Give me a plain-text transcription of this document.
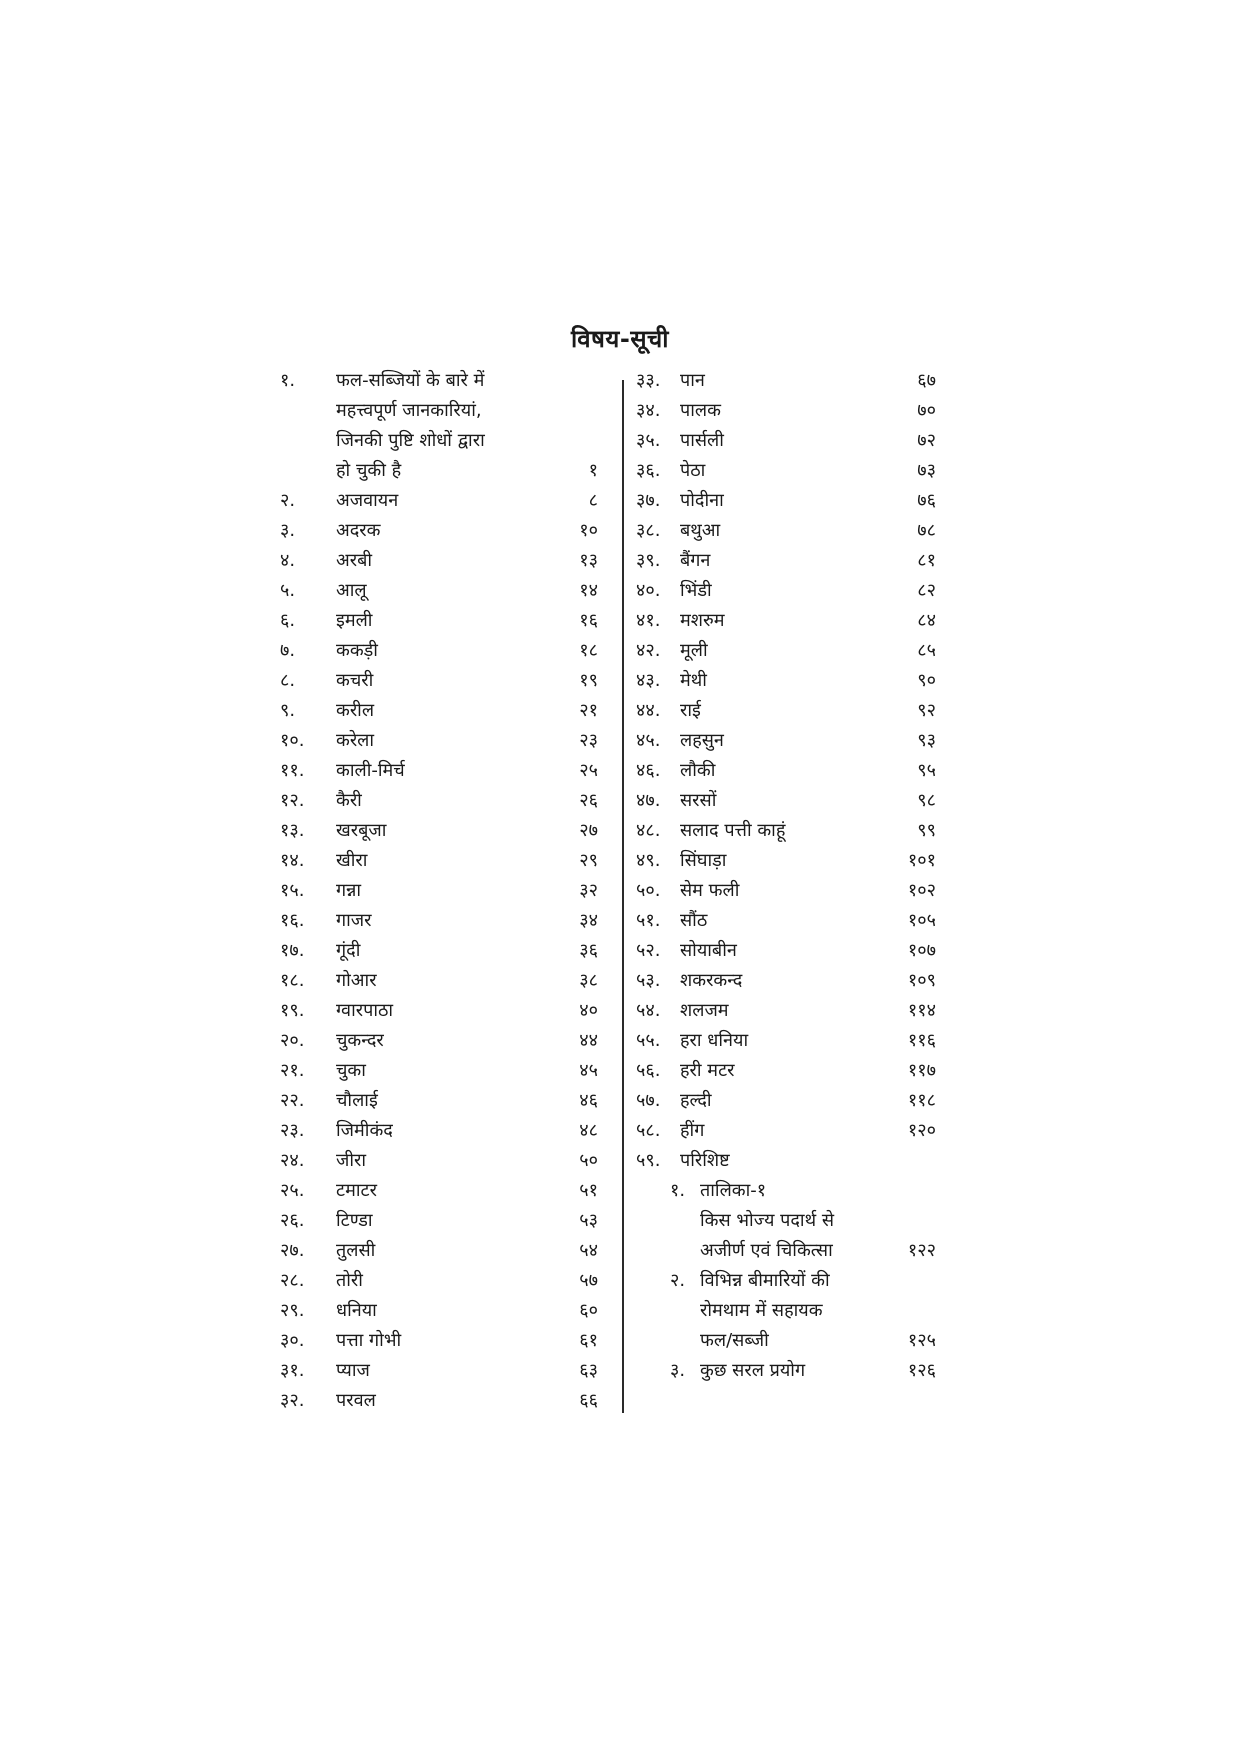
विषय-सूची
१.	फल-सब्जियों के बारे में
महत्त्वपूर्ण जानकारियां,
जिनकी पुष्टि शोधों द्वारा
हो चुकी है	१
२.	अजवायन	८
३.	अदरक	१०
४.	अरबी	१३
५.	आलू	१४
६.	इमली	१६
७.	ककड़ी	१८
८.	कचरी	१९
९.	करील	२१
१०.	करेला	२३
११.	काली-मिर्च	२५
१२.	कैरी	२६
१३.	खरबूजा	२७
१४.	खीरा	२९
१५.	गन्ना	३२
१६.	गाजर	३४
१७.	गूंदी	३६
१८.	गोआर	३८
१९.	ग्वारपाठा	४०
२०.	चुकन्दर	४४
२१.	चुका	४५
२२.	चौलाई	४६
२३.	जिमीकंद	४८
२४.	जीरा	५०
२५.	टमाटर	५१
२६.	टिण्डा	५३
२७.	तुलसी	५४
२८.	तोरी	५७
२९.	धनिया	६०
३०.	पत्ता गोभी	६१
३१.	प्याज	६३
३२.	परवल	६६
३३.	पान	६७
३४.	पालक	७०
३५.	पार्सली	७२
३६.	पेठा	७३
३७.	पोदीना	७६
३८.	बथुआ	७८
३९.	बैंगन	८१
४०.	भिंडी	८२
४१.	मशरुम	८४
४२.	मूली	८५
४३.	मेथी	९०
४४.	राई	९२
४५.	लहसुन	९३
४६.	लौकी	९५
४७.	सरसों	९८
४८.	सलाद पत्ती काहूं	९९
४९.	सिंघाड़ा	१०१
५०.	सेम फली	१०२
५१.	सौंठ	१०५
५२.	सोयाबीन	१०७
५३.	शकरकन्द	१०९
५४.	शलजम	११४
५५.	हरा धनिया	११६
५६.	हरी मटर	११७
५७.	हल्दी	११८
५८.	हींग	१२०
५९.	परिशिष्ट
१. तालिका-१
किस भोज्य पदार्थ से
अजीर्ण एवं चिकित्सा	१२२
२. विभिन्न बीमारियों की
रोमथाम में सहायक
फल/सब्जी	१२५
३. कुछ सरल प्रयोग	१२६
